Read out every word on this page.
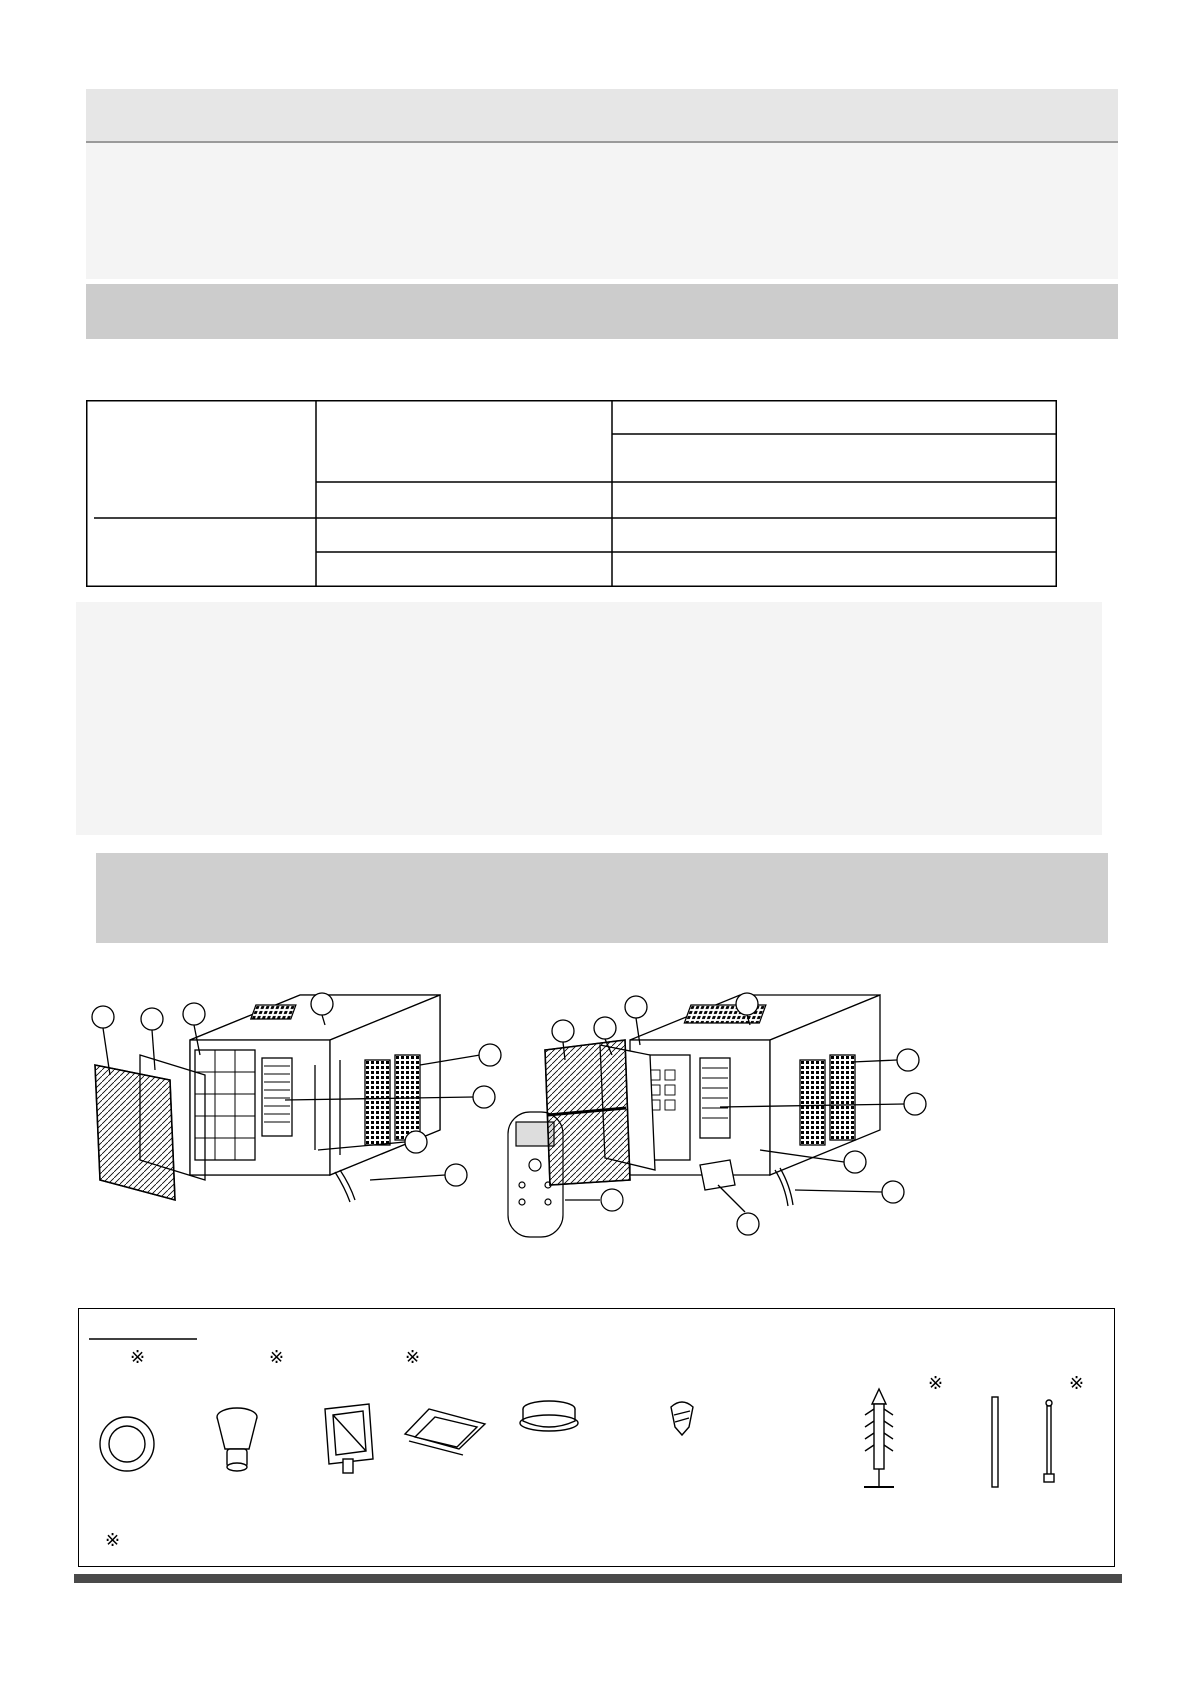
※	※	※
※	※
※
